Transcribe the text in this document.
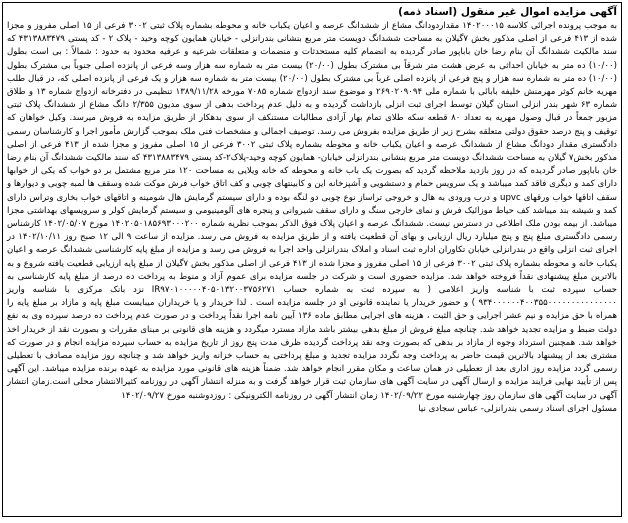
آگهی مزایده اموال غیر منقول (اسناد ذمه)
به موجب پرونده اجرائی کلاسه ۱۴۰۲۰۰۰۱۵ مقداردودانگ مشاع از ششدانگ عرصه و اعیان یکباب خانه و محوطه بشماره پلاک ثبتی ۳۰۰۲ فرعی از ۱۵ اصلی مفروز و مجزا شده از ۴۱۳ فرعی از اصلی مذکور بخش ۷گیلان به مساحت ششدانگ دویست متر مربع بنشانی بندرانزلی - خیابان همایون کوچه وحید - پلاک ۲ - کد پستی ۴۳۱۳۸۸۳۴۷۹ که سند مالکیت ششدانگ آن بنام رضا خان باباپور صادر گردیده به انضمام کلیه مستحدثات و منضمات و متعلقات شرعیه و عرفیه محدود به حدود : شمالاً : بی است بطول (۱۰/۰۰) ده متر به خیابان احداثی به عرض هشت متر شرقاً بی مشترک بطول (۲۰/۰۰) بیست متر به شماره سه هزار وسه فرعی از پانزده اصلی جنوباً بی مشترک بطول (۱۰/۰۰) ده متر به شماره سه هزار و پنج فرعی از پانزده اصلی غرباً بی مشترک بطول (۲۰/۰۰) بیست متر به شماره سه هزار و یک فرعی از پانزده اصلی که، در قبال طلب مهریه خانم کوثر مهرمنش خلیفه بابائی با شماره ملی ۲۶۹۰۲۰۹۰۹۴ و موضوع سند ازدواج شماره ۷۰۸۵ مورخه ۱۳۸۹/۱۱/۲۸ تنظیمی در دفترخانه ازدواج شماره ۱۳ و طلاق شماره ۶۳ شهر بندر انزلی استان گیلان توسط اجرای ثبت انزلی بازداشت گردیده و به دلیل عدم پرداخت بدهی از سوی مدیون ۲/۳۵۵ دانگ مشاع از ششدانگ پلاک ثبتی مزبور جمعاً در قبال وصول مهریه به تعداد ۸۰ قطعه سکه طلای تمام بهار آزادی مطالبات مستنکف از سوی بدهکار از طریق مزایده به فروش میرسد. وکیل خواهان که توقیف و پنج درصد حقوق دولتی متعلقه بشرح زیر از طریق مزایده بفروش می رسد. توصیف اجمالی و مشخصات فنی ملک بموجب گزارش مأمور اجرا و کارشناسان رسمی دادگستری مقدار دودانگ مشاع از ششدانگ عرصه و اعیان یکباب خانه و محوطه بشماره پلاک ثبتی ۳۰۰۲ فرعی از ۱۵ اصلی مفروز و مجزا شده از ۴۱۳ فرعی از اصلی مذکور بخش۷ گیلان به مساحت ششدانگ دویست متر مربع بنشانی بندرانزلی خیابان- همایون کوچه وحید-پلاک۲-کد پستی ۴۳۱۳۸۸۳۴۷۹ که سند مالکیت ششدانگ آن بنام رضا خان باباپور صادر گردیده که در روز بازدید ملاحظه گردید که بصورت یک باب خانه و محوطه که خانه ویلایی به مساحت ۱۲۰ متر مربع مشتمل بر دو خواب که یکی از خوابها دارای کمد و دیگری فاقد کمد میباشد و یک سرویس حمام و دستشویی و آشپزخانه این و کابینتهای چوبی و کف اتاق خواب فرش موکت شده وسقف ها لمبه چوبی و دیوارها و سقف اتاقها خواب ورقهای upvc و درب ورودی به هال و خروجی تراساز نوع چوبی دو لنگه بوده و دارای سیستم گرمایش هال شومینه و اتاقهای خواب بخاری وتراس دارای کمد و شیشه بند میباشد کف حیاط موزائیک فرش و نمای خارجی سنگ و دارای سقف شیروانی و پنجره های آلومینیومی و سیستم گرمایش کولر و سرویسهای بهداشتی مجزا میباشد. از بیمه بودن ملک اطلاعی در دسترس نیست. ششدانگ عرصه و اعیان پلاک فوق الذکر بموجب نظریه شماره ۱۴۰۲۰۵۰۱۸۵۶۹۳۰۰۰۲۰۰ مورخ ۱۴۰۲/۰۵/۰۷ کارشناس رسمی دادگستری مبلغ پنج و پنج میلیارد ریال ارزیابی و بهای آن قطعیت یافته و از طریق مزایده به فروش می رسد. مزایده از ساعت ۹ الی ۱۲ صبح روز ۱۴۰۲/۱۰/۱۱ در اجرای ثبت انزلی واقع در بندرانزلی خیابان تکاوران اداره ثبت اسناد و املاک بندرانزلی واحد اجرا به فروش می رسد و مزایده از مبلغ پایه کارشناسی ششدانگ عرصه و اعیان یکباب خانه و محوطه بشماره پلاک ثبتی ۳۰۰۲ فرعی از ۱۵ اصلی مفروز و مجزا شده از ۴۱۳ فرعی از اصلی مذکور بخش ۷گیلان از مبلغ پایه ارزیابی قطعیت یافته شروع و به بالاترین مبلغ پیشنهادی نقداً فروخته خواهد شد. مزایده حضوری است و شرکت در جلسه مزایده برای عموم آزاد و منوط به پرداخت ده درصد از مبلغ پایه کارشناسی به حساب سپرده ثبت با شناسه واریز اعلامی ( به سپرده ثبت به شماره حساب IR۹۷۰۱۰۰۰۰۰۴۰۵۰۱۳۲۰۰۳۷۵۶۲۷۱ نزد بانک مرکزی با شناسه واریز ۹۳۴۰۰۰۰۰۰۴۰۰۳۵۵۰۰۰۰۰۰۰۰۰۰۰۰۰۰۰ ) و حضور خریدار یا نماینده قانونی او در جلسه مزایده است . لذا خریدار و یا خریداران میبایست مبلغ پایه و مازاد بر مبلغ پایه را همراه با حق مزایده و نیم عشر اجرایی و حق الثبت ، هزینه های اجرایی مطابق ماده ۱۳۶ آیین نامه اجرا نقداً پرداخت و در صورت عدم پرداخت ده درصد سپرده وی به نفع دولت ضبط و مزایده تجدید خواهد شد. چنانچه مبلغ فروش از مبلغ بدهی بیشتر باشد مازاد مسترد میگردد و هزینه های قانونی بر مبنای مقررات و بصورت نقد از خریدار اخذ خواهد شد. همچنین استرداد وجوه از مازاد بر بدهی که بصورت وجه نقد پرداخت گردیده ظرف مدت پنج روز از تاریخ مزایده به حساب سپرده مزایده انجام و در صورت که مشتری بعد از پیشنهاد بالاترین قیمت حاضر به پرداخت وجه نگردد مزایده تجدید و مبلغ پرداختی به حساب خزانه واریز خواهد شد و چنانچه روز مزایده مصادف با تعطیلی رسمی گردد مزایده روز اداری بعد از تعطیلی در همان ساعت و مکان مقرر انجام خواهد شد. ضمناً هزینه های قانونی مورد مزایده به عهده برنده مزایده میباشد. این آگهی پس از تأیید نهایی فرایند مزایده و ارسال آگهی در سایت آگهی های سازمان ثبت قرار خواهد گرفت و به منزله انتشار آگهی در روزنامه کثیرالانتشار محلی است.زمان انتشار آگهی در سایت آگهی های سازمان روز چهارشنبه مورخ ۱۴۰۲/۰۹/۲۲ زمان انتشار آگهی در روزنامه الکترونیکی : روزدوشنبه مورخ ۱۴۰۲/۰۹/۲۷
مسئول اجرای اسناد رسمی بندرانزلی- عباس سجادی نیا
